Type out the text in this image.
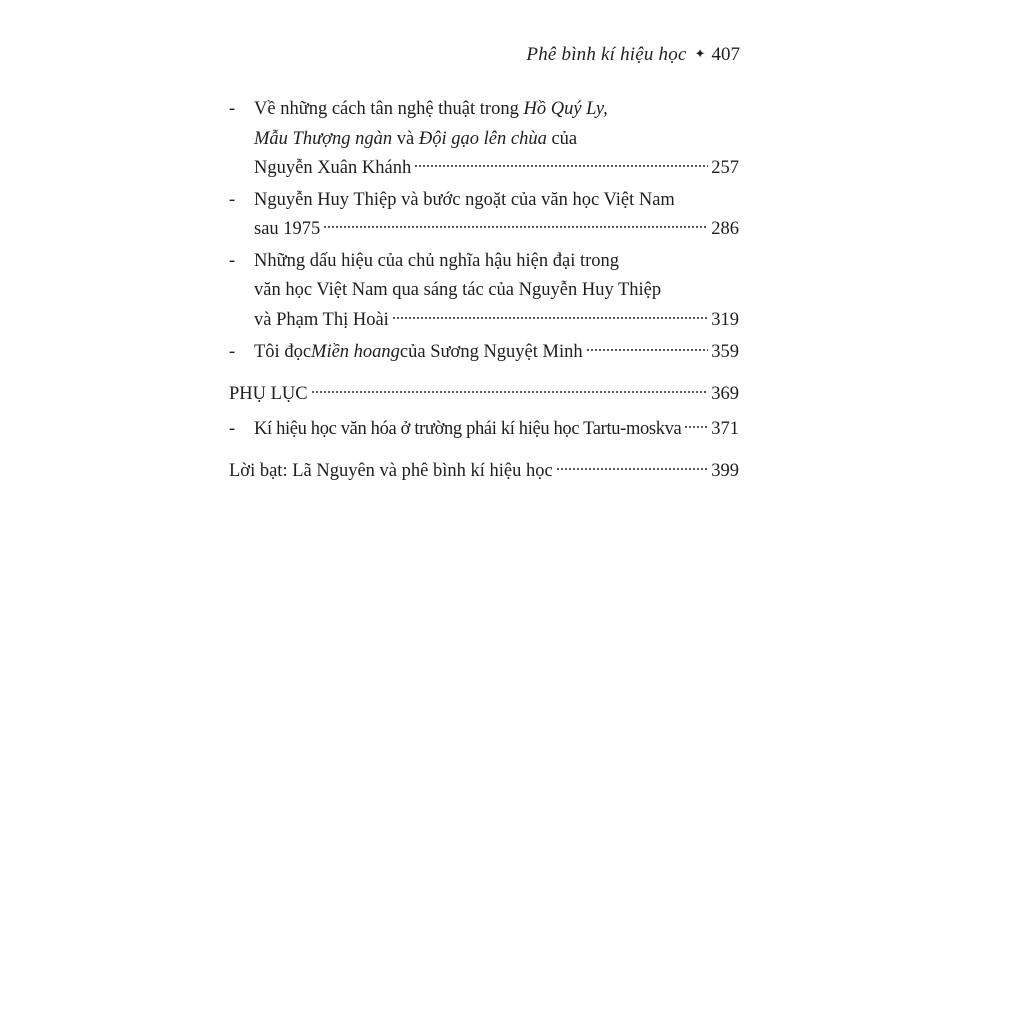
Phê bình kí hiệu học ✦ 407
- Về những cách tân nghệ thuật trong Hồ Quý Ly,
Mẫu Thượng ngàn và Đội gạo lên chùa của
Nguyễn Xuân Khánh	257
- Nguyễn Huy Thiệp và bước ngoặt của văn học Việt Nam
sau 1975	286
- Những dấu hiệu của chủ nghĩa hậu hiện đại trong
văn học Việt Nam qua sáng tác của Nguyễn Huy Thiệp
và Phạm Thị Hoài	319
- Tôi đọc Miền hoang của Sương Nguyệt Minh	359
PHỤ LỤC	369
- Kí hiệu học văn hóa ở trường phái kí hiệu học Tartu-moskva 371
Lời bạt: Lã Nguyên và phê bình kí hiệu học	399
